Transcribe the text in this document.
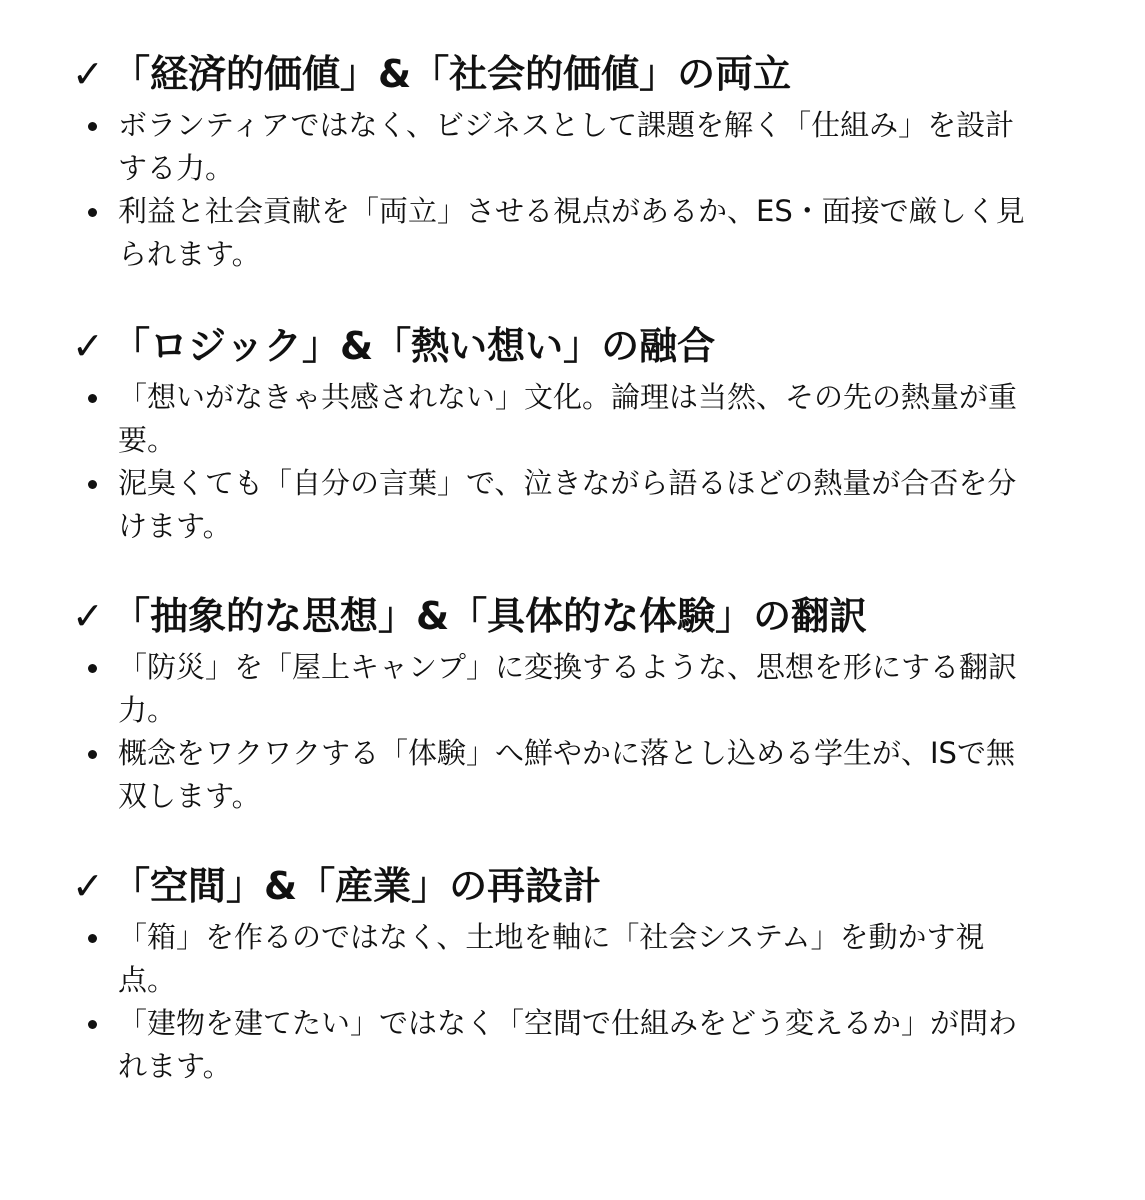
✓ 「経済的価値」&「社会的価値」の両立
ボランティアではなく、ビジネスとして課題を解く「仕組み」を設計する力。
利益と社会貢献を「両立」させる視点があるか、ES・面接で厳しく見られます。
✓ 「ロジック」&「熱い想い」の融合
「想いがなきゃ共感されない」文化。論理は当然、その先の熱量が重要。
泥臭くても「自分の言葉」で、泣きながら語るほどの熱量が合否を分けます。
✓ 「抽象的な思想」&「具体的な体験」の翻訳
「防災」を「屋上キャンプ」に変換するような、思想を形にする翻訳力。
概念をワクワクする「体験」へ鮮やかに落とし込める学生が、ISで無双します。
✓ 「空間」&「産業」の再設計
「箱」を作るのではなく、土地を軸に「社会システム」を動かす視点。
「建物を建てたい」ではなく「空間で仕組みをどう変えるか」が問われます。
